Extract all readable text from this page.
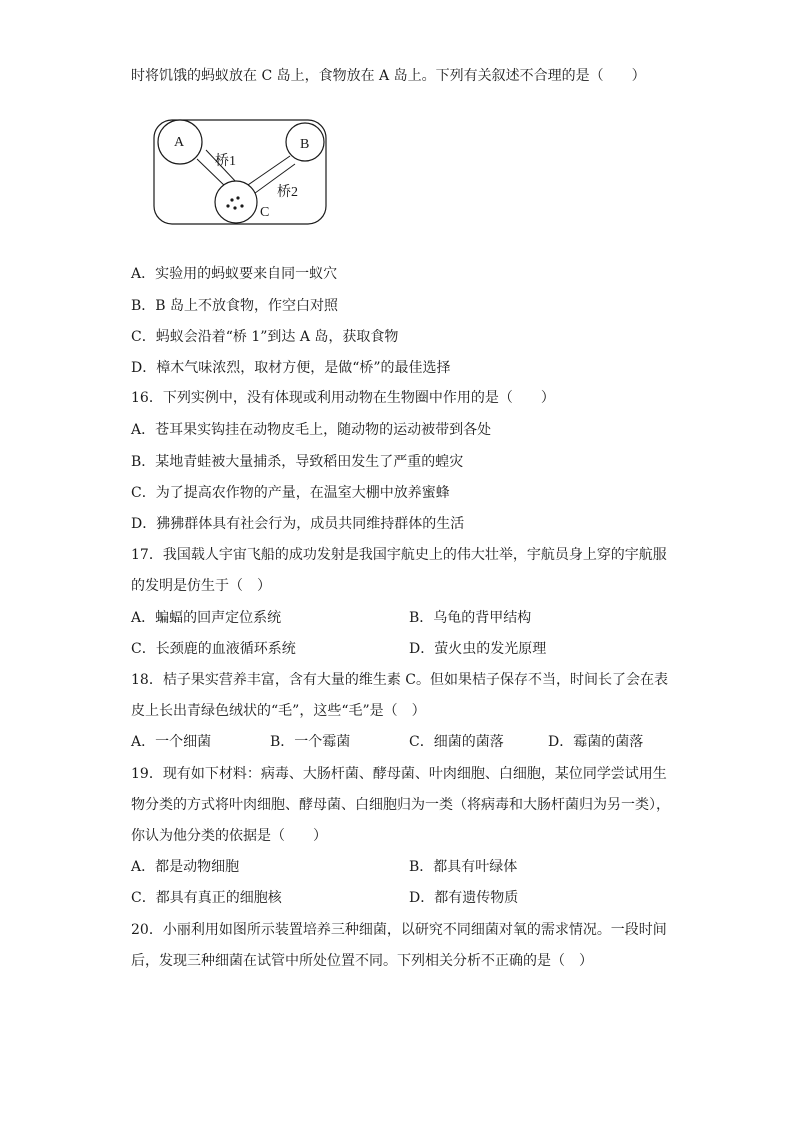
时将饥饿的蚂蚁放在 C 岛上，食物放在 A 岛上。下列有关叙述不合理的是（　　）
A	B
C
桥1
桥2
A．实验用的蚂蚁要来自同一蚁穴
B．B 岛上不放食物，作空白对照
C．蚂蚁会沿着“桥 1”到达 A 岛，获取食物
D．樟木气味浓烈，取材方便，是做“桥”的最佳选择
16．下列实例中，没有体现或利用动物在生物圈中作用的是（　　）
A．苍耳果实钩挂在动物皮毛上，随动物的运动被带到各处
B．某地青蛙被大量捕杀，导致稻田发生了严重的蝗灾
C．为了提高农作物的产量，在温室大棚中放养蜜蜂
D．狒狒群体具有社会行为，成员共同维持群体的生活
17．我国载人宇宙飞船的成功发射是我国宇航史上的伟大壮举，宇航员身上穿的宇航服
的发明是仿生于（　）
A．蝙蝠的回声定位系统	B．乌龟的背甲结构
C．长颈鹿的血液循环系统	D．萤火虫的发光原理
18．桔子果实营养丰富，含有大量的维生素 C。但如果桔子保存不当，时间长了会在表
皮上长出青绿色绒状的“毛”，这些“毛”是（　）
A．一个细菌	B．一个霉菌	C．细菌的菌落	D．霉菌的菌落
19．现有如下材料：病毒、大肠杆菌、酵母菌、叶肉细胞、白细胞，某位同学尝试用生
物分类的方式将叶肉细胞、酵母菌、白细胞归为一类（将病毒和大肠杆菌归为另一类），
你认为他分类的依据是（　　）
A．都是动物细胞	B．都具有叶绿体
C．都具有真正的细胞核	D．都有遗传物质
20．小丽利用如图所示装置培养三种细菌，以研究不同细菌对氧的需求情况。一段时间
后，发现三种细菌在试管中所处位置不同。下列相关分析不正确的是（　）
